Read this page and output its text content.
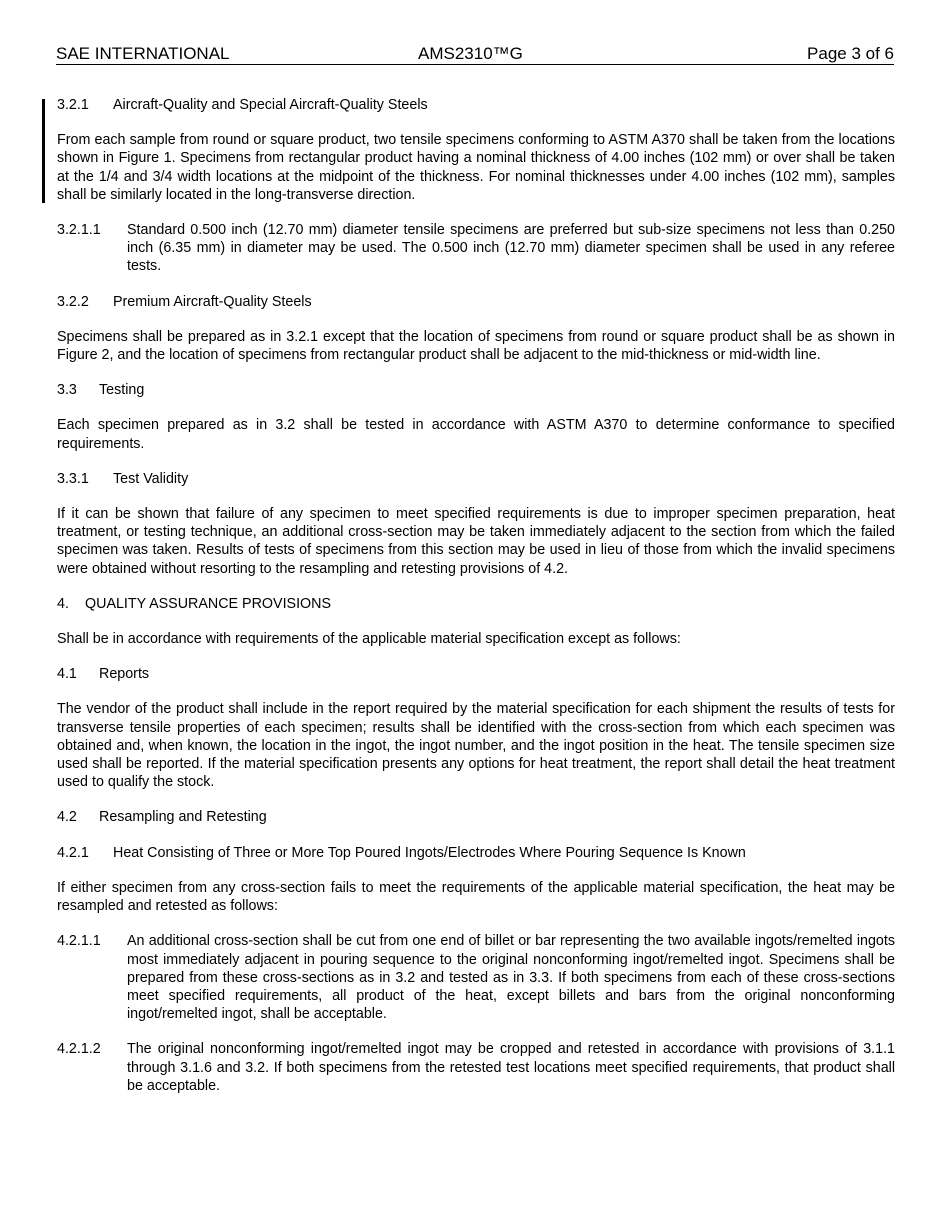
SAE INTERNATIONAL	AMS2310™G	Page 3 of 6
3.2.1	Aircraft-Quality and Special Aircraft-Quality Steels
From each sample from round or square product, two tensile specimens conforming to ASTM A370 shall be taken from the locations shown in Figure 1. Specimens from rectangular product having a nominal thickness of 4.00 inches (102 mm) or over shall be taken at the 1/4 and 3/4 width locations at the midpoint of the thickness. For nominal thicknesses under 4.00 inches (102 mm), samples shall be similarly located in the long-transverse direction.
3.2.1.1	Standard 0.500 inch (12.70 mm) diameter tensile specimens are preferred but sub-size specimens not less than 0.250 inch (6.35 mm) in diameter may be used. The 0.500 inch (12.70 mm) diameter specimen shall be used in any referee tests.
3.2.2	Premium Aircraft-Quality Steels
Specimens shall be prepared as in 3.2.1 except that the location of specimens from round or square product shall be as shown in Figure 2, and the location of specimens from rectangular product shall be adjacent to the mid-thickness or mid-width line.
3.3	Testing
Each specimen prepared as in 3.2 shall be tested in accordance with ASTM A370 to determine conformance to specified requirements.
3.3.1	Test Validity
If it can be shown that failure of any specimen to meet specified requirements is due to improper specimen preparation, heat treatment, or testing technique, an additional cross-section may be taken immediately adjacent to the section from which the failed specimen was taken. Results of tests of specimens from this section may be used in lieu of those from which the invalid specimens were obtained without resorting to the resampling and retesting provisions of 4.2.
4.	QUALITY ASSURANCE PROVISIONS
Shall be in accordance with requirements of the applicable material specification except as follows:
4.1	Reports
The vendor of the product shall include in the report required by the material specification for each shipment the results of tests for transverse tensile properties of each specimen; results shall be identified with the cross-section from which each specimen was obtained and, when known, the location in the ingot, the ingot number, and the ingot position in the heat. The tensile specimen size used shall be reported. If the material specification presents any options for heat treatment, the report shall detail the heat treatment used to qualify the stock.
4.2	Resampling and Retesting
4.2.1	Heat Consisting of Three or More Top Poured Ingots/Electrodes Where Pouring Sequence Is Known
If either specimen from any cross-section fails to meet the requirements of the applicable material specification, the heat may be resampled and retested as follows:
4.2.1.1	An additional cross-section shall be cut from one end of billet or bar representing the two available ingots/remelted ingots most immediately adjacent in pouring sequence to the original nonconforming ingot/remelted ingot. Specimens shall be prepared from these cross-sections as in 3.2 and tested as in 3.3. If both specimens from each of these cross-sections meet specified requirements, all product of the heat, except billets and bars from the original nonconforming ingot/remelted ingot, shall be acceptable.
4.2.1.2	The original nonconforming ingot/remelted ingot may be cropped and retested in accordance with provisions of 3.1.1 through 3.1.6 and 3.2. If both specimens from the retested test locations meet specified requirements, that product shall be acceptable.
